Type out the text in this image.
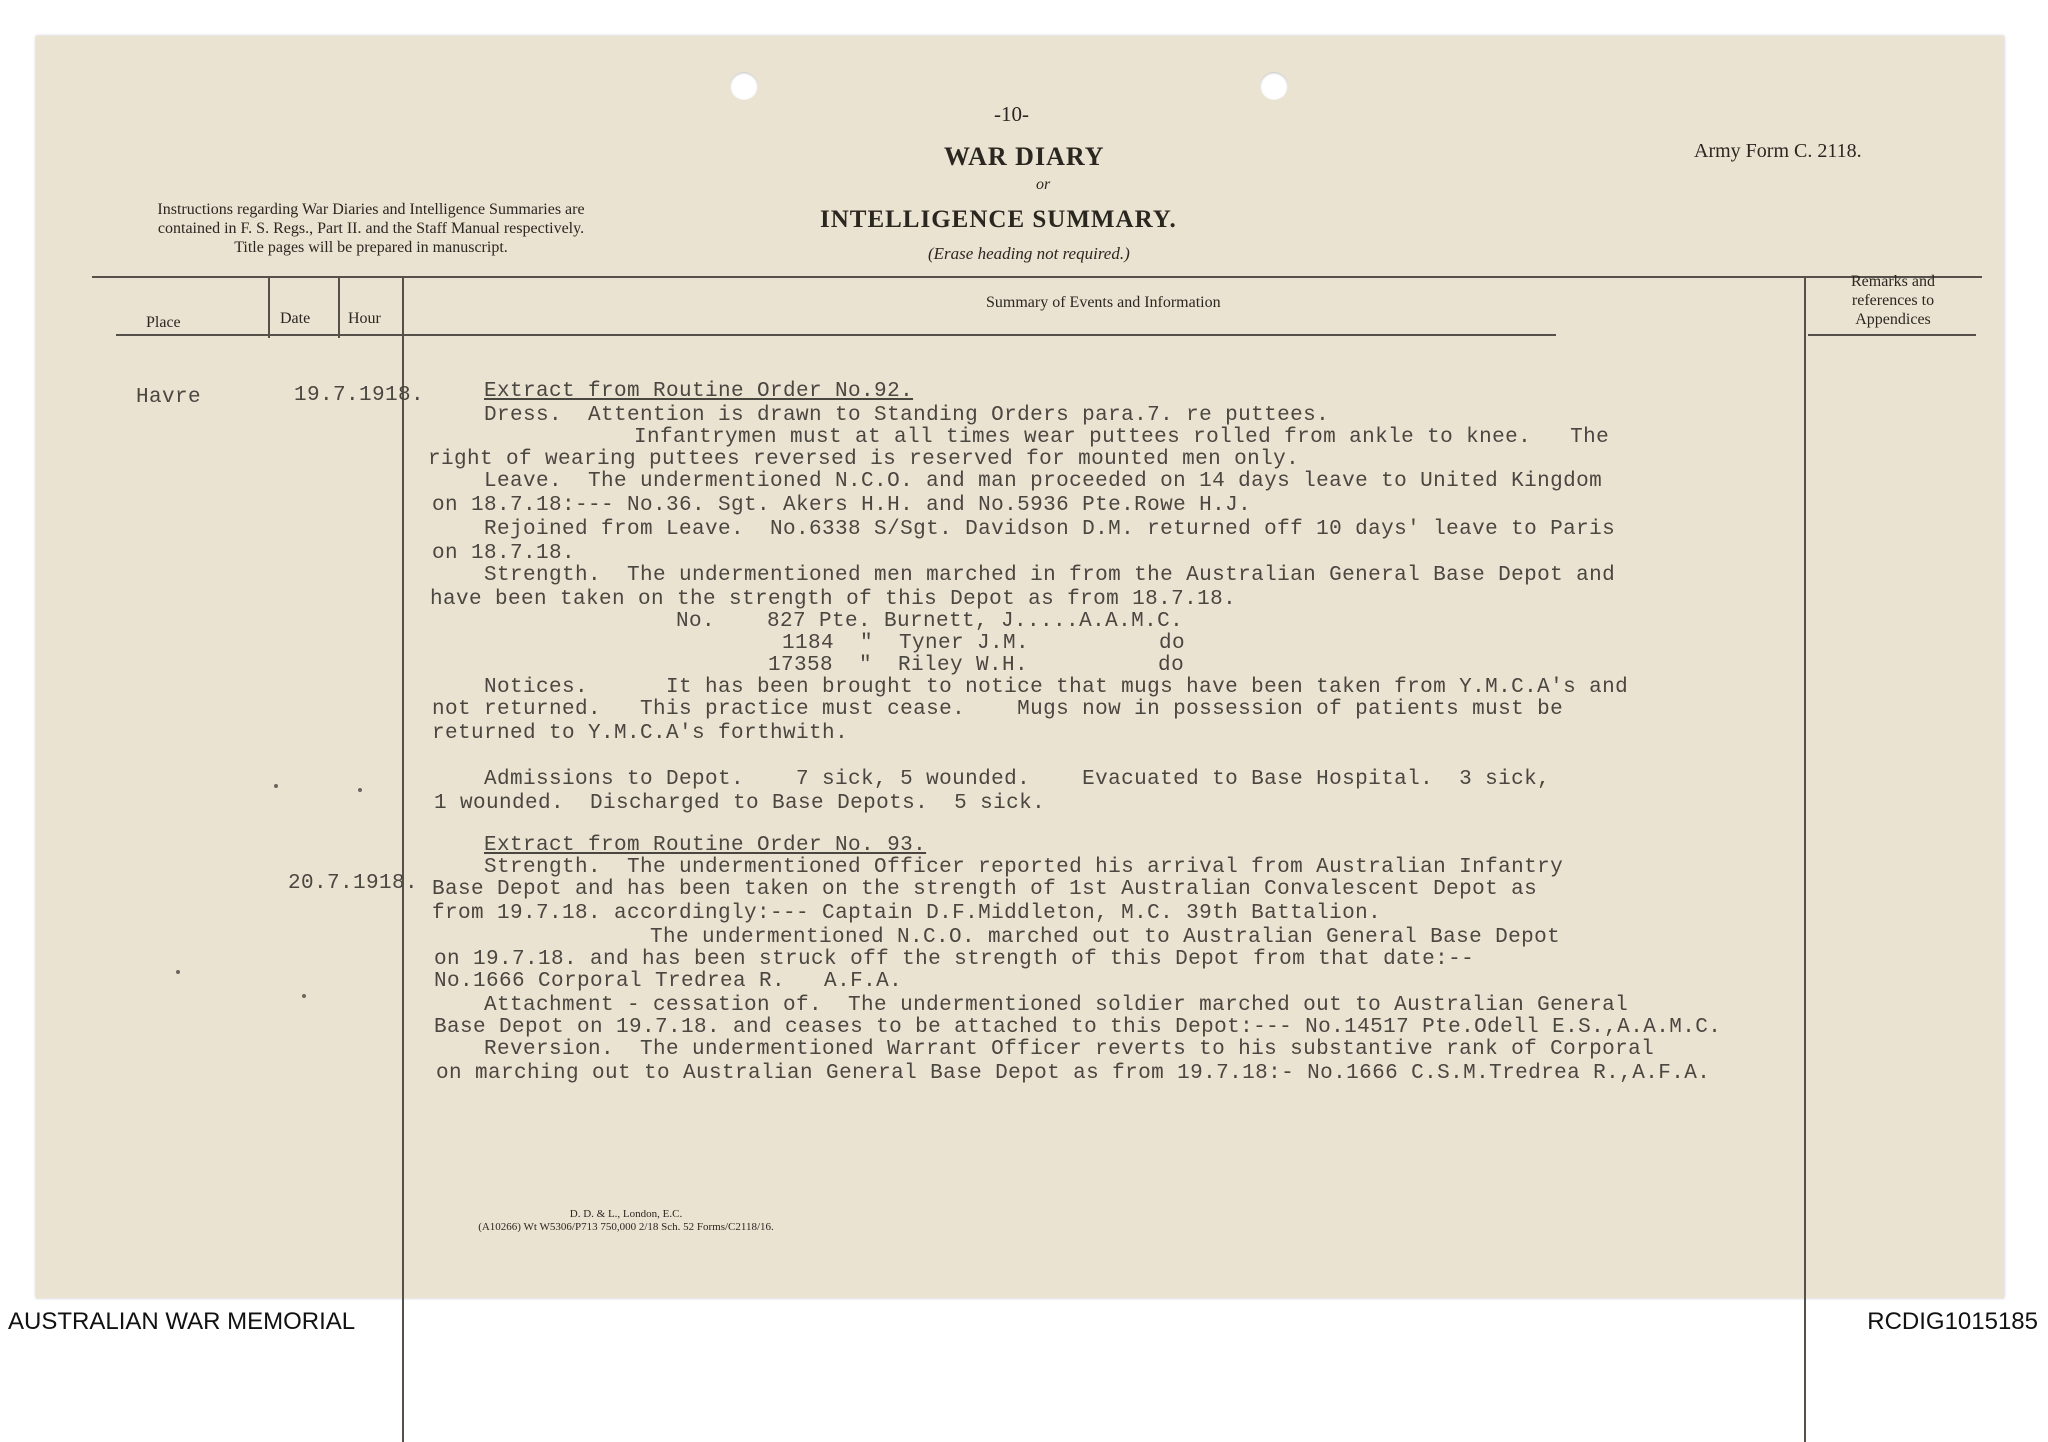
-10-
WAR DIARY
or
INTELLIGENCE SUMMARY.
(Erase heading not required.)
Army Form C. 2118.
Instructions regarding War Diaries and Intelligence Summaries are contained in F. S. Regs., Part II. and the Staff Manual respectively. Title pages will be prepared in manuscript.
Place	Date Hour
Summary of Events and Information
Remarks and references to Appendices
Havre	19.7.1918.
20.7.1918.
Extract from Routine Order No.92.
Dress.  Attention is drawn to Standing Orders para.7. re puttees.
Infantrymen must at all times wear puttees rolled from ankle to knee.   The
right of wearing puttees reversed is reserved for mounted men only.
Leave.  The undermentioned N.C.O. and man proceeded on 14 days leave to United Kingdom
on 18.7.18:--- No.36. Sgt. Akers H.H. and No.5936 Pte.Rowe H.J.
Rejoined from Leave.  No.6338 S/Sgt. Davidson D.M. returned off 10 days' leave to Paris
on 18.7.18.
Strength.  The undermentioned men marched in from the Australian General Base Depot and
have been taken on the strength of this Depot as from 18.7.18.
No.    827 Pte. Burnett, J.....A.A.M.C.
1184  "  Tyner J.M.          do
17358  "  Riley W.H.          do
Notices.      It has been brought to notice that mugs have been taken from Y.M.C.A's and
not returned.   This practice must cease.    Mugs now in possession of patients must be
returned to Y.M.C.A's forthwith.
Admissions to Depot.    7 sick, 5 wounded.    Evacuated to Base Hospital.  3 sick,
1 wounded.  Discharged to Base Depots.  5 sick.
Extract from Routine Order No. 93.
Strength.  The undermentioned Officer reported his arrival from Australian Infantry
Base Depot and has been taken on the strength of 1st Australian Convalescent Depot as
from 19.7.18. accordingly:--- Captain D.F.Middleton, M.C. 39th Battalion.
The undermentioned N.C.O. marched out to Australian General Base Depot
on 19.7.18. and has been struck off the strength of this Depot from that date:--
No.1666 Corporal Tredrea R.   A.F.A.
Attachment - cessation of.  The undermentioned soldier marched out to Australian General
Base Depot on 19.7.18. and ceases to be attached to this Depot:--- No.14517 Pte.Odell E.S.,A.A.M.C.
Reversion.  The undermentioned Warrant Officer reverts to his substantive rank of Corporal
on marching out to Australian General Base Depot as from 19.7.18:- No.1666 C.S.M.Tredrea R.,A.F.A.
D. D. & L., London, E.C.
(A10266) Wt W5306/P713 750,000 2/18 Sch. 52 Forms/C2118/16.
AUSTRALIAN WAR MEMORIAL	RCDIG1015185
